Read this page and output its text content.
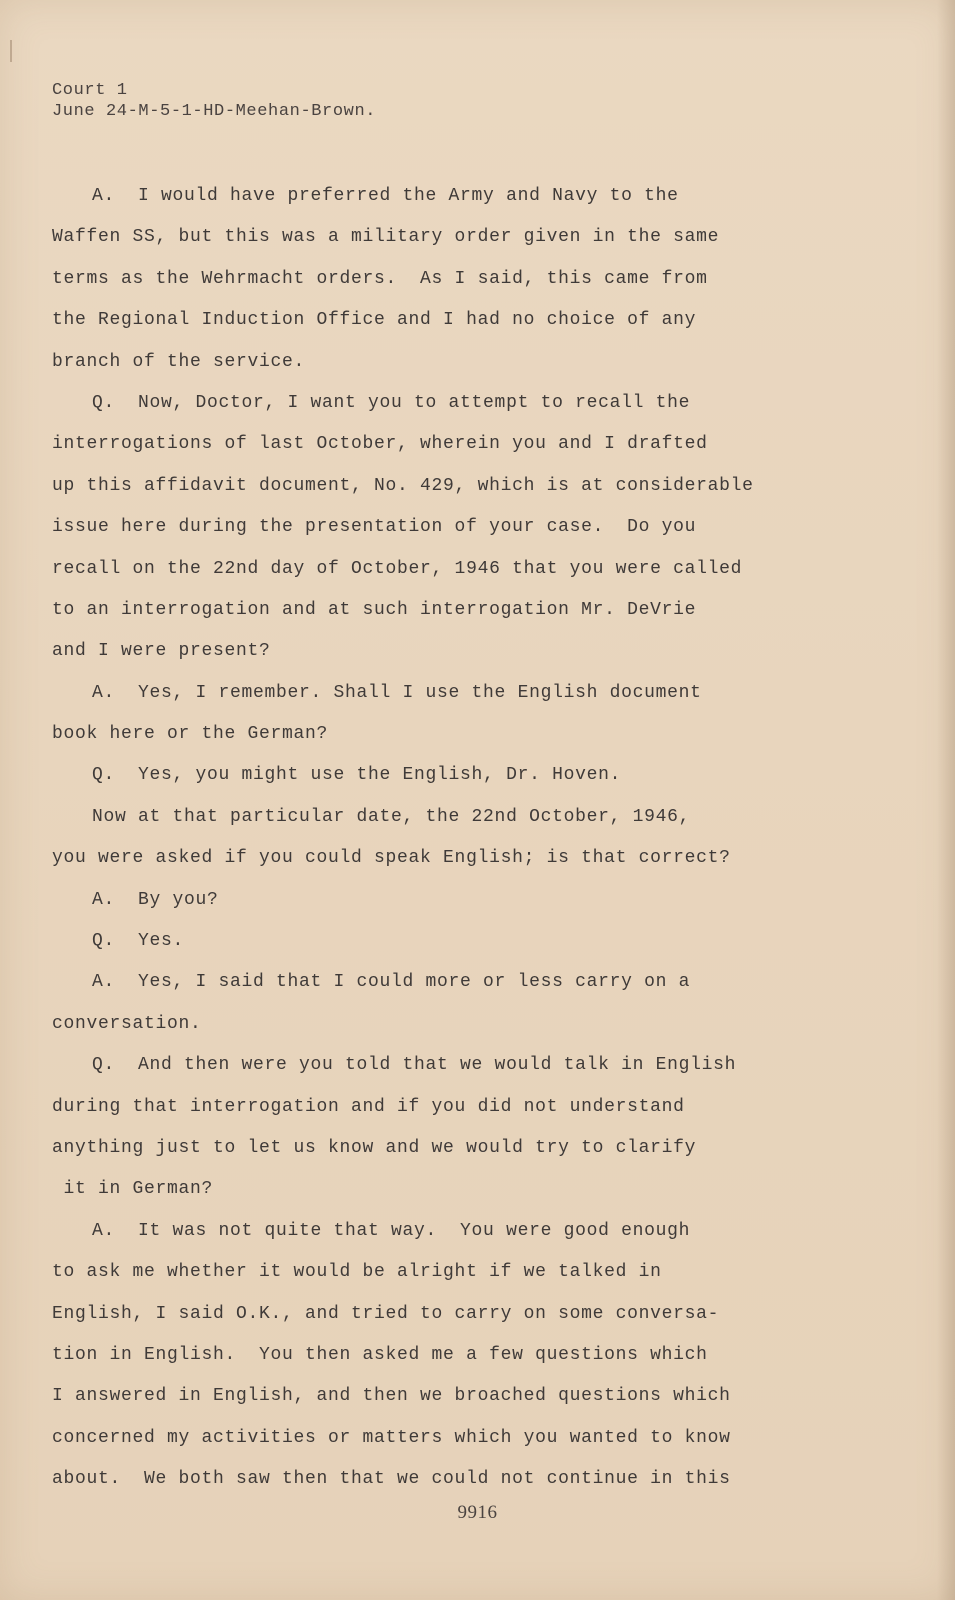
Court 1
June 24-M-5-1-HD-Meehan-Brown.
A.  I would have preferred the Army and Navy to the
Waffen SS, but this was a military order given in the same
terms as the Wehrmacht orders.  As I said, this came from
the Regional Induction Office and I had no choice of any
branch of the service.
Q.  Now, Doctor, I want you to attempt to recall the
interrogations of last October, wherein you and I drafted
up this affidavit document, No. 429, which is at considerable
issue here during the presentation of your case.  Do you
recall on the 22nd day of October, 1946 that you were called
to an interrogation and at such interrogation Mr. DeVrie
and I were present?
A.  Yes, I remember. Shall I use the English document
book here or the German?
Q.  Yes, you might use the English, Dr. Hoven.
Now at that particular date, the 22nd October, 1946,
you were asked if you could speak English; is that correct?
A.  By you?
Q.  Yes.
A.  Yes, I said that I could more or less carry on a
conversation.
Q.  And then were you told that we would talk in English
during that interrogation and if you did not understand
anything just to let us know and we would try to clarify
it in German?
A.  It was not quite that way.  You were good enough
to ask me whether it would be alright if we talked in
English, I said O.K., and tried to carry on some conversa-
tion in English.  You then asked me a few questions which
I answered in English, and then we broached questions which
concerned my activities or matters which you wanted to know
about.  We both saw then that we could not continue in this
9916
